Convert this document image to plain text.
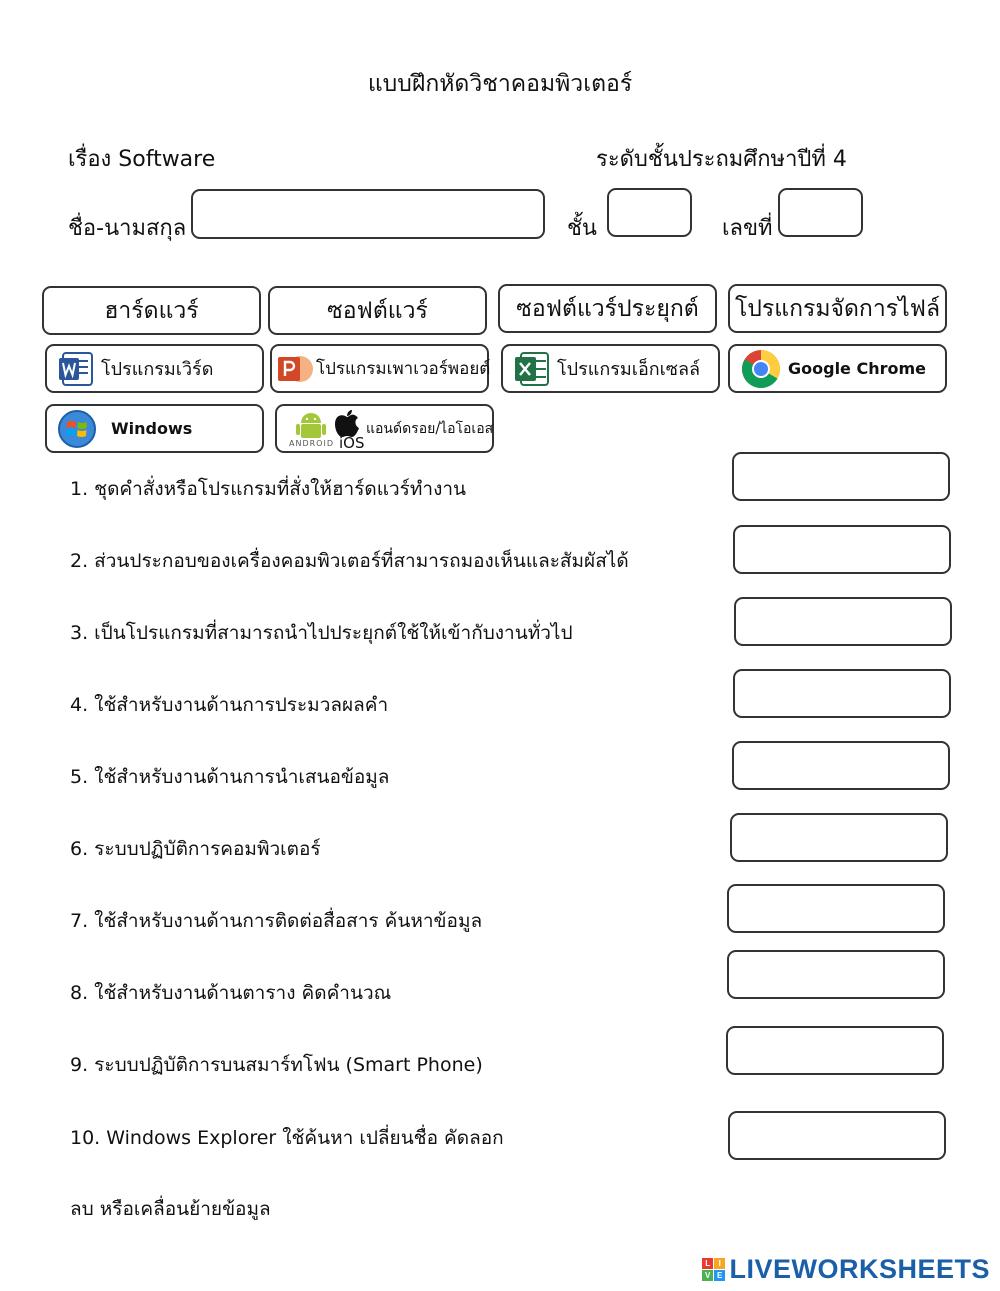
แบบฝึกหัดวิชาคอมพิวเตอร์
เรื่อง Software	ระดับชั้นประถมศึกษาปีที่ 4
ชื่อ-นามสกุล	ชั้น	เลขที่
ฮาร์ดแวร์	ซอฟต์แวร์	ซอฟต์แวร์ประยุกต์	โปรแกรมจัดการไฟล์
โปรแกรมเวิร์ด	โปรแกรมเพาเวอร์พอยต์	โปรแกรมเอ็กเซลล์	Google Chrome
Windows
ANDROID iOS
แอนด์ดรอย/ไอโอเอส
1. ชุดคำสั่งหรือโปรแกรมที่สั่งให้ฮาร์ดแวร์ทำงาน
2. ส่วนประกอบของเครื่องคอมพิวเตอร์ที่สามารถมองเห็นและสัมผัสได้
3. เป็นโปรแกรมที่สามารถนำไปประยุกต์ใช้ให้เข้ากับงานทั่วไป
4. ใช้สำหรับงานด้านการประมวลผลคำ
5. ใช้สำหรับงานด้านการนำเสนอข้อมูล
6. ระบบปฏิบัติการคอมพิวเตอร์
7. ใช้สำหรับงานด้านการติดต่อสื่อสาร ค้นหาข้อมูล
8. ใช้สำหรับงานด้านตาราง คิดคำนวณ
9. ระบบปฏิบัติการบนสมาร์ทโฟน (Smart Phone)
10. Windows Explorer ใช้ค้นหา เปลี่ยนชื่อ คัดลอก
ลบ หรือเคลื่อนย้ายข้อมูล
L I
V E LIVEWORKSHEETS
